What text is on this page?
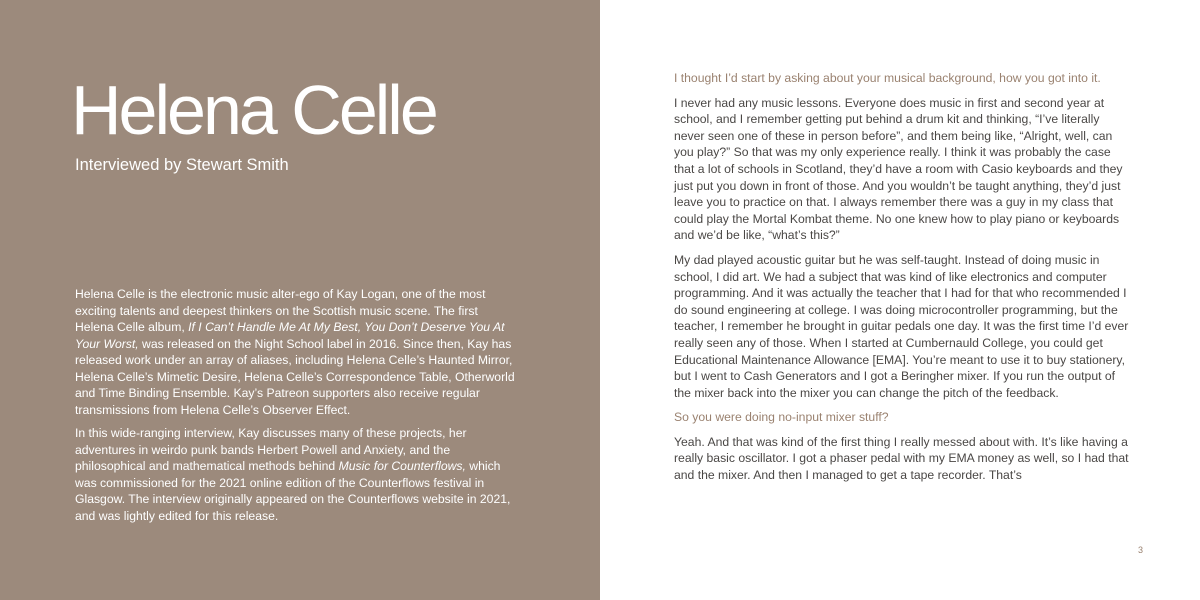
Helena Celle
Interviewed by Stewart Smith

Helena Celle is the electronic music alter-ego of Kay Logan, one of the most exciting talents and deepest thinkers on the Scottish music scene. The first Helena Celle album, If I Can’t Handle Me At My Best, You Don’t Deserve You At Your Worst, was released on the Night School label in 2016. Since then, Kay has released work under an array of aliases, including Helena Celle’s Haunted Mirror, Helena Celle’s Mimetic Desire, Helena Celle’s Correspondence Table, Otherworld and Time Binding Ensemble. Kay’s Patreon supporters also receive regular transmissions from Helena Celle’s Observer Effect.

In this wide-ranging interview, Kay discusses many of these projects, her adventures in weirdo punk bands Herbert Powell and Anxiety, and the philosophical and mathematical methods behind Music for Counterflows, which was commissioned for the 2021 online edition of the Counterflows festival in Glasgow. The interview originally appeared on the Counterflows website in 2021, and was lightly edited for this release.

I thought I’d start by asking about your musical background, how you got into it.

I never had any music lessons. Everyone does music in first and second year at school, and I remember getting put behind a drum kit and thinking, “I’ve literally never seen one of these in person before”, and them being like, “Alright, well, can you play?” So that was my only experience really. I think it was probably the case that a lot of schools in Scotland, they’d have a room with Casio keyboards and they just put you down in front of those. And you wouldn’t be taught anything, they’d just leave you to practice on that. I always remember there was a guy in my class that could play the Mortal Kombat theme. No one knew how to play piano or keyboards and we’d be like, “what’s this?”

My dad played acoustic guitar but he was self-taught. Instead of doing music in school, I did art. We had a subject that was kind of like electronics and computer programming. And it was actually the teacher that I had for that who recommended I do sound engineering at college. I was doing microcontroller programming, but the teacher, I remember he brought in guitar pedals one day. It was the first time I’d ever really seen any of those. When I started at Cumbernauld College, you could get Educational Maintenance Allowance [EMA]. You’re meant to use it to buy stationery, but I went to Cash Generators and I got a Beringher mixer. If you run the output of the mixer back into the mixer you can change the pitch of the feedback.

So you were doing no-input mixer stuff?

Yeah. And that was kind of the first thing I really messed about with. It’s like having a really basic oscillator. I got a phaser pedal with my EMA money as well, so I had that and the mixer. And then I managed to get a tape recorder. That’s

3
